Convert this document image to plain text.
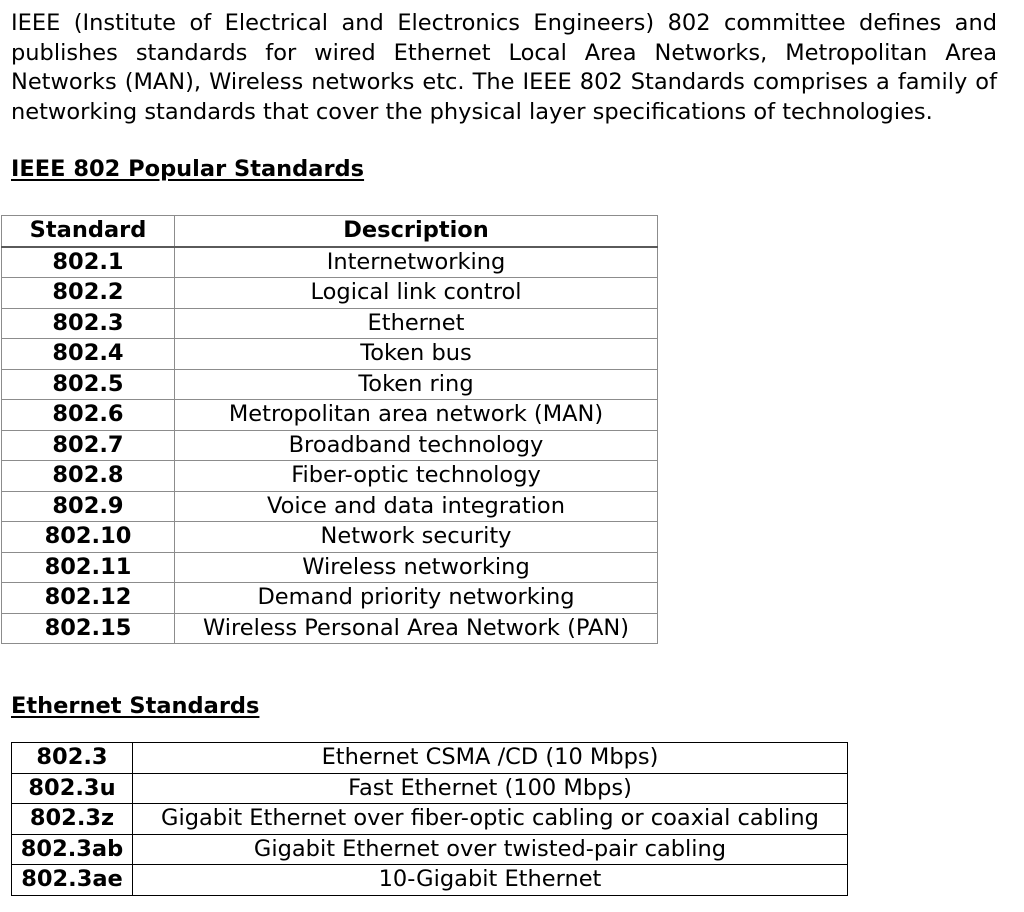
IEEE (Institute of Electrical and Electronics Engineers) 802 committee defines and publishes standards for wired Ethernet Local Area Networks, Metropolitan Area Networks (MAN), Wireless networks etc. The IEEE 802 Standards comprises a family of networking standards that cover the physical layer specifications of technologies.

IEEE 802 Popular Standards
Standard	Description
802.1	Internetworking
802.2	Logical link control
802.3	Ethernet
802.4	Token bus
802.5	Token ring
802.6	Metropolitan area network (MAN)
802.7	Broadband technology
802.8	Fiber-optic technology
802.9	Voice and data integration
802.10	Network security
802.11	Wireless networking
802.12	Demand priority networking
802.15	Wireless Personal Area Network (PAN)
Ethernet Standards
802.3	Ethernet CSMA /CD (10 Mbps)
802.3u	Fast Ethernet (100 Mbps)
802.3z	Gigabit Ethernet over fiber-optic cabling or coaxial cabling
802.3ab	Gigabit Ethernet over twisted-pair cabling
802.3ae	10-Gigabit Ethernet
